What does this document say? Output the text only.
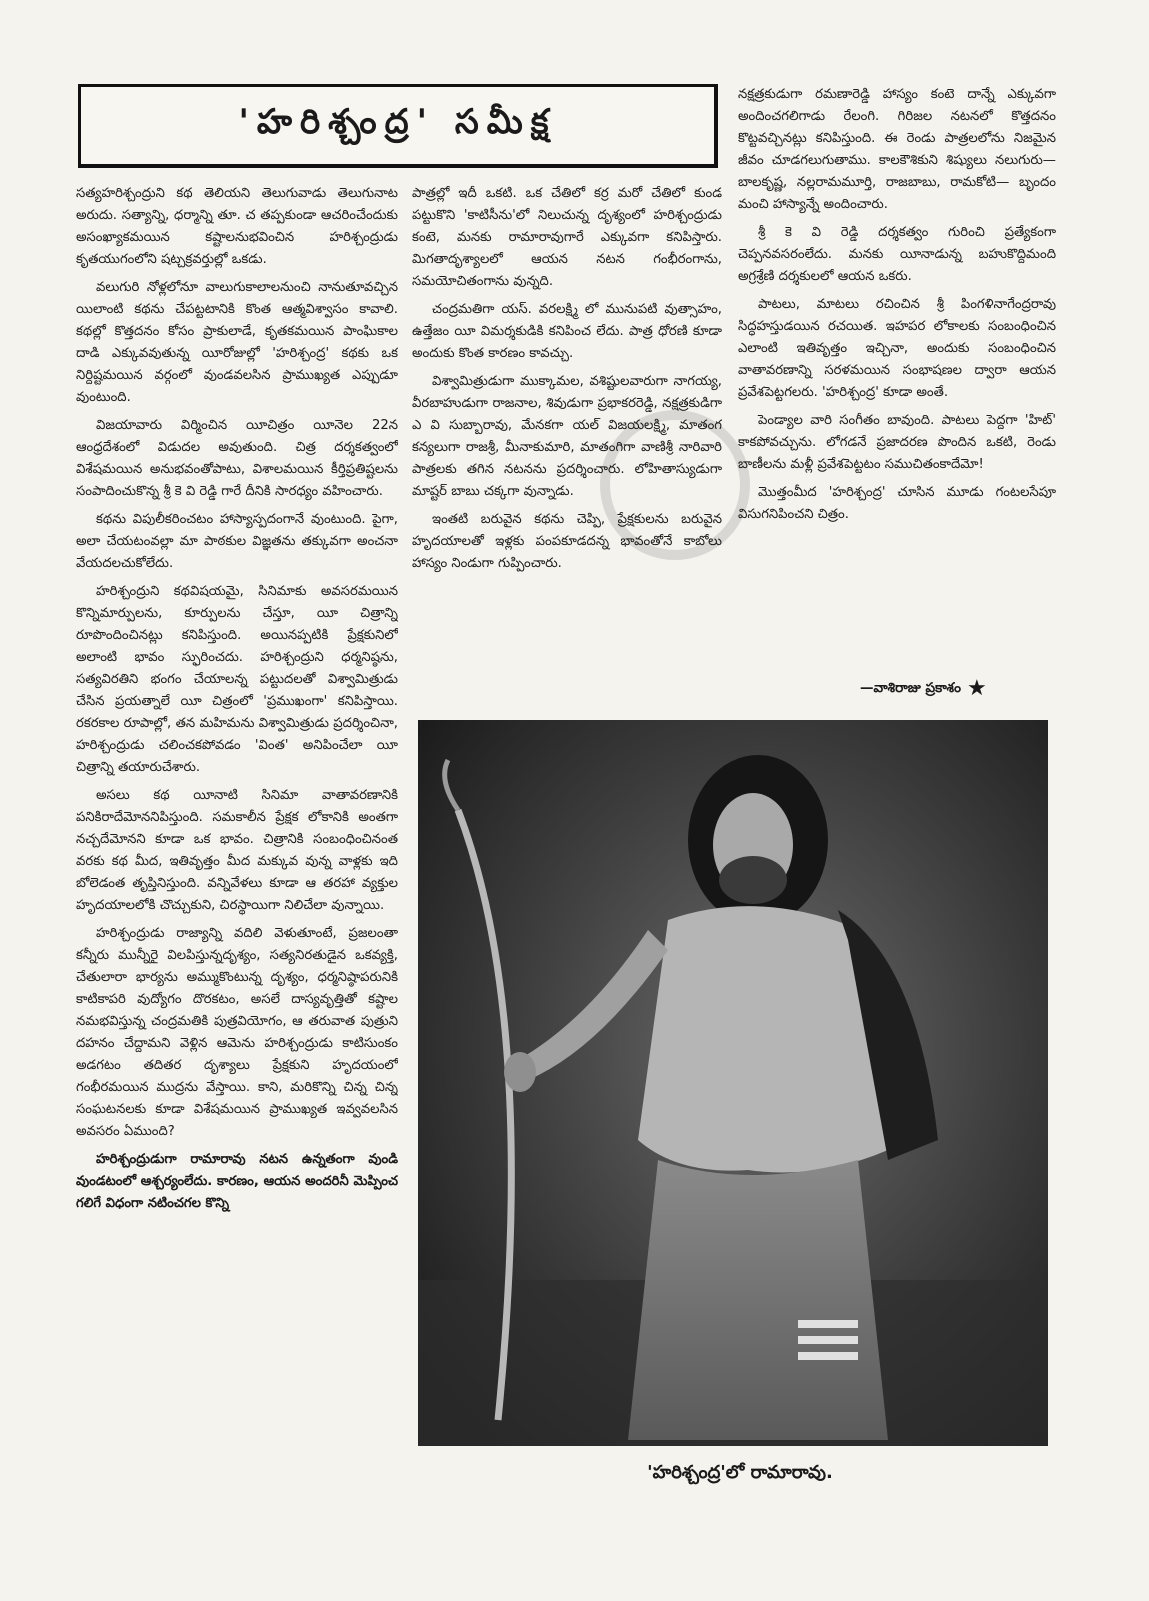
'హరిశ్చంద్ర' సమీక్ష

సత్యహరిశ్చంద్రుని కథ తెలియని తెలుగువాడు తెలుగునాట అరుదు. సత్యాన్ని, ధర్మాన్ని తూ. చ తప్పకుండా ఆచరించేందుకు అసంఖ్యాకమయిన కష్టాలనుభవించిన హరిశ్చంద్రుడు కృతయుగంలోని షట్చక్రవర్తుల్లో ఒకడు.

వలుగురి నోళ్లలోనూ వాలుగుకాలాలనుంచి నానుతూవచ్చిన యిలాంటి కథను చేపట్టటానికి కొంత ఆత్మవిశ్వాసం కావాలి. కథల్లో కొత్తదనం కోసం ప్రాకులాడే, కృతకమయిన పాంఘికాల దాడి ఎక్కువవుతున్న యీరోజుల్లో 'హరిశ్చంద్ర' కథకు ఒక నిర్దిష్టమయిన వర్గంలో వుండవలసిన ప్రాముఖ్యత ఎప్పుడూ వుంటుంది.

విజయావారు విర్మించిన యీచిత్రం యీనెల 22న ఆంధ్రదేశంలో విడుదల అవుతుంది. చిత్ర దర్శకత్వంలో విశేషమయిన అనుభవంతోపాటు, విశాలమయిన కీర్తిప్రతిష్టలను సంపాదించుకొన్న శ్రీ కె వి రెడ్డి గారే దీనికి సారధ్యం వహించారు.

కథను విపులీకరించటం హాస్యాస్పదంగానే వుంటుంది. పైగా, అలా చేయటంవల్లా మా పాఠకుల విజ్ఞతను తక్కువగా అంచనా వేయదలచుకోలేదు.

హరిశ్చంద్రుని కథవిషయమై, సినిమాకు అవసరమయిన కొన్నిమార్పులను, కూర్పులను చేస్తూ, యీ చిత్రాన్ని రూపొందించినట్లు కనిపిస్తుంది. అయినప్పటికి ప్రేక్షకునిలో అలాంటి భావం స్ఫురించదు. హరిశ్చంద్రుని ధర్మనిష్ఠను, సత్యవిరతిని భంగం చేయాలన్న పట్టుదలతో విశ్వామిత్రుడు చేసిన ప్రయత్నాలే యీ చిత్రంలో 'ప్రముఖంగా' కనిపిస్తాయి. రకరకాల రూపాల్లో, తన మహిమను విశ్వామిత్రుడు ప్రదర్శించినా, హరిశ్చంద్రుడు చలించకపోవడం 'వింత' అనిపించేలా యీ చిత్రాన్ని తయారుచేశారు.

అసలు కథ యీనాటి సినిమా వాతావరణానికి పనికిరాదేమోననిపిస్తుంది. సమకాలీన ప్రేక్షక లోకానికి అంతగా నచ్చదేమోనని కూడా ఒక భావం. చిత్రానికి సంబంధించినంత వరకు కథ మీద, ఇతివృత్తం మీద మక్కువ వున్న వాళ్లకు ఇది బోలెడంత తృప్తినిస్తుంది. వన్నివేళలు కూడా ఆ తరహా వ్యక్తుల హృదయాలలోకి చొచ్చుకుని, చిరస్థాయిగా నిలిచేలా వున్నాయి.

హరిశ్చంద్రుడు రాజ్యాన్ని వదిలి వెళుతూంటే, ప్రజలంతా కన్నీరు మున్నీరై విలపిస్తున్నదృశ్యం, సత్యనిరతుడైన ఒకవ్యక్తి, చేతులారా భార్యను అమ్ముకొంటున్న దృశ్యం, ధర్మనిష్ఠాపరునికి కాటికాపరి వుద్యోగం దొరకటం, అసలే దాస్యవృత్తితో కష్టాల నమభవిస్తున్న చంద్రమతికి పుత్రవియోగం, ఆ తరువాత పుత్రుని దహనం చేద్దామని వెళ్లిన ఆమెను హరిశ్చంద్రుడు కాటిసుంకం అడగటం తదితర దృశ్యాలు ప్రేక్షకుని హృదయంలో గంభీరమయిన ముద్రను వేస్తాయి. కాని, మరికొన్ని చిన్న చిన్న సంఘటనలకు కూడా విశేషమయిన ప్రాముఖ్యత ఇవ్వవలసిన అవసరం ఏముంది?

హరిశ్చంద్రుడుగా రామారావు నటన ఉన్నతంగా వుండి వుండటంలో ఆశ్చర్యంలేదు. కారణం, ఆయన అందరినీ మెప్పించ గలిగే విధంగా నటించగల కొన్ని

పాత్రల్లో ఇదీ ఒకటి. ఒక చేతిలో కర్ర మరో చేతిలో కుండ పట్టుకొని 'కాటిసీను'లో నిలుచున్న దృశ్యంలో హరిశ్చంద్రుడు కంటె, మనకు రామారావుగారే ఎక్కువగా కనిపిస్తారు. మిగతాదృశ్యాలలో ఆయన నటన గంభీరంగాను, సమయోచితంగాను వున్నది.

చంద్రమతిగా యస్. వరలక్ష్మి లో మునుపటి వుత్సాహం, ఉత్తేజం యీ విమర్శకుడికి కనిపించ లేదు. పాత్ర ధోరణి కూడా అందుకు కొంత కారణం కావచ్చు.

విశ్వామిత్రుడుగా ముక్కామల, వశిష్టులవారుగా నాగయ్య, వీరబాహుడుగా రాజనాల, శివుడుగా ప్రభాకరరెడ్డి, నక్షత్రకుడిగా ఎ వి సుబ్బారావు, మేనకగా యల్ విజయలక్ష్మి, మాతంగ కన్యలుగా రాజశ్రీ, మీనాకుమారి, మాతంగిగా వాణిశ్రీ నారివారి పాత్రలకు తగిన నటనను ప్రదర్శించారు. లోహితాస్యుడుగా మాష్టర్ బాబు చక్కగా వున్నాడు.

ఇంతటి బరువైన కథను చెప్పి, ప్రేక్షకులను బరువైన హృదయాలతో ఇళ్లకు పంపకూడదన్న భావంతోనే కాబోలు హాస్యం నిండుగా గుప్పించారు.

నక్షత్రకుడుగా రమణారెడ్డి హాస్యం కంటె దాన్నే ఎక్కువగా అందించగలిగాడు రేలంగి. గిరిజల నటనలో కొత్తదనం కొట్టవచ్చినట్లు కనిపిస్తుంది. ఈ రెండు పాత్రలలోను నిజమైన జీవం చూడగలుగుతాము. కాలకౌశికుని శిష్యులు నలుగురు—బాలకృష్ణ, నల్లరామమూర్తి, రాజబాబు, రామకోటి— బృందం మంచి హాస్యాన్నే అందించారు.

శ్రీ కె వి రెడ్డి దర్శకత్వం గురించి ప్రత్యేకంగా చెప్పనవసరంలేదు. మనకు యీనాడున్న బహుకొద్దిమంది అగ్రశ్రేణి దర్శకులలో ఆయన ఒకరు.

పాటలు, మాటలు రచించిన శ్రీ పింగళినాగేంద్రరావు సిద్ధహస్తుడయిన రచయిత. ఇహపర లోకాలకు సంబంధించిన ఎలాంటి ఇతివృత్తం ఇచ్చినా, అందుకు సంబంధించిన వాతావరణాన్ని సరళమయిన సంభాషణల ద్వారా ఆయన ప్రవేశపెట్టగలరు. 'హరిశ్చంద్ర' కూడా అంతే.

పెండ్యాల వారి సంగీతం బావుంది. పాటలు పెద్దగా 'హిట్' కాకపోవచ్చును. లోగడనే ప్రజాదరణ పొందిన ఒకటి, రెండు బాణీలను మళ్లీ ప్రవేశపెట్టటం సముచితంకాదేమో!

మొత్తంమీద 'హరిశ్చంద్ర' చూసిన మూడు గంటలసేపూ విసుగనిపించని చిత్రం.

—వాశిరాజు ప్రకాశం ★
'హరిశ్చంద్ర'లో రామారావు.
